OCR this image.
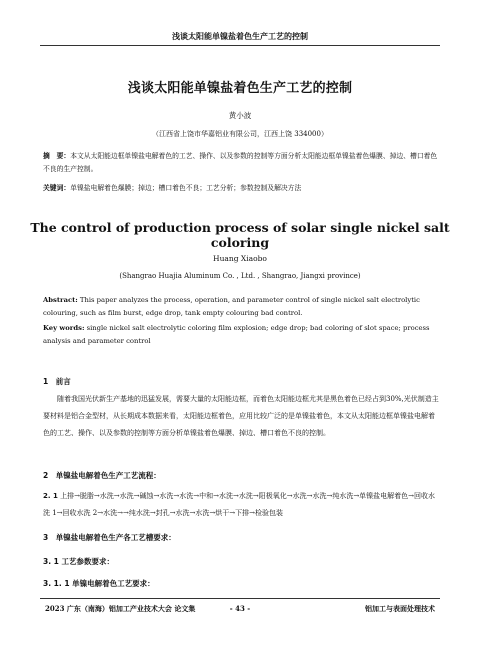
浅谈太阳能单镍盐着色生产工艺的控制
浅谈太阳能单镍盐着色生产工艺的控制
黄小波
（江西省上饶市华嘉铝业有限公司，江西上饶 334000）
摘　要：本文从太阳能边框单镍盐电解着色的工艺、操作、以及参数的控制等方面分析太阳能边框单镍盐着色爆膜、掉边、槽口着色不良的生产控制。
关键词：单镍盐电解着色爆膜；掉边；槽口着色不良；工艺分析；参数控制及解决方法
The control of production process of solar single nickel salt coloring
Huang Xiaobo
(Shangrao Huajia Aluminum Co. , Ltd. , Shangrao, Jiangxi province)
Abstract: This paper analyzes the process, operation, and parameter control of single nickel salt electrolytic colouring, such as film burst, edge drop, tank empty colouring bad control.
Key words: single nickel salt electrolytic coloring film explosion; edge drop; bad coloring of slot space; process analysis and parameter control
1　前言
随着我国光伏新生产基地的迅猛发展，需要大量的太阳能边框，而着色太阳能边框尤其是黑色着色已经占到30%,光伏制造主要材料是铝合金型材，从长期成本数据来看，太阳能边框着色，应用比较广泛的是单镍盐着色，本文从太阳能边框单镍盐电解着色的工艺、操作、以及参数的控制等方面分析单镍盐着色爆膜、掉边、槽口着色不良的控制。
2　单镍盐电解着色生产工艺流程：
2. 1 上排→脱脂→水洗→水洗→碱蚀→水洗→水洗→中和→水洗→水洗→阳极氧化→水洗→水洗→纯水洗→单镍盐电解着色→回收水洗 1→回收水洗 2→水洗→→纯水洗→封孔→水洗→水洗→烘干→下排→检验包装
3　单镍盐电解着色生产各工艺槽要求：
3. 1 工艺参数要求：
3. 1. 1 单镍电解着色工艺要求：
2023 广东（南海）铝加工产业技术大会 论文集	- 43 -	铝加工与表面处理技术
